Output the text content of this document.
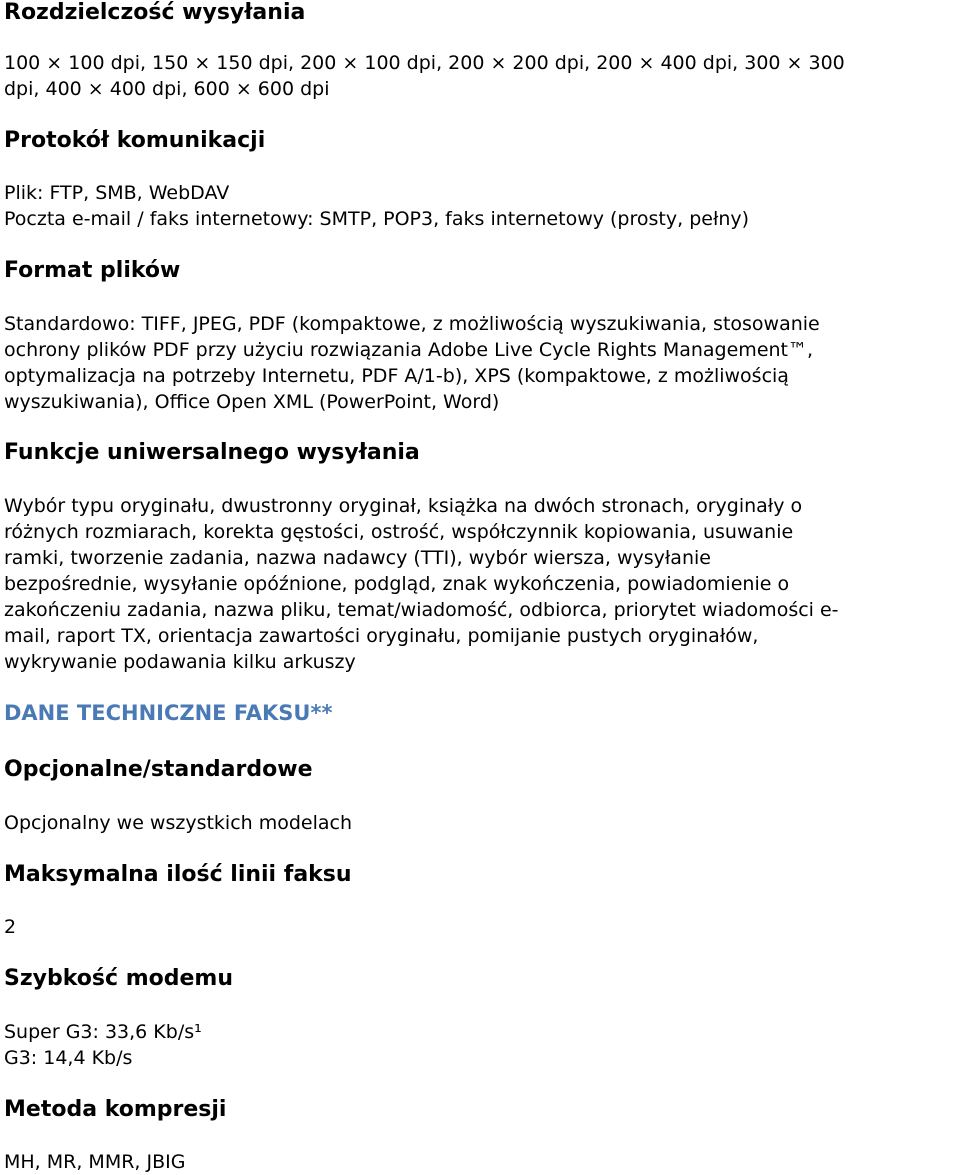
Rozdzielczość wysyłania
100 × 100 dpi, 150 × 150 dpi, 200 × 100 dpi, 200 × 200 dpi, 200 × 400 dpi, 300 × 300
dpi, 400 × 400 dpi, 600 × 600 dpi
Protokół komunikacji
Plik: FTP, SMB, WebDAV
Poczta e-mail / faks internetowy: SMTP, POP3, faks internetowy (prosty, pełny)
Format plików
Standardowo: TIFF, JPEG, PDF (kompaktowe, z możliwością wyszukiwania, stosowanie
ochrony plików PDF przy użyciu rozwiązania Adobe Live Cycle Rights Management™,
optymalizacja na potrzeby Internetu, PDF A/1-b), XPS (kompaktowe, z możliwością
wyszukiwania), Office Open XML (PowerPoint, Word)
Funkcje uniwersalnego wysyłania
Wybór typu oryginału, dwustronny oryginał, książka na dwóch stronach, oryginały o
różnych rozmiarach, korekta gęstości, ostrość, współczynnik kopiowania, usuwanie
ramki, tworzenie zadania, nazwa nadawcy (TTI), wybór wiersza, wysyłanie
bezpośrednie, wysyłanie opóźnione, podgląd, znak wykończenia, powiadomienie o
zakończeniu zadania, nazwa pliku, temat/wiadomość, odbiorca, priorytet wiadomości e-
mail, raport TX, orientacja zawartości oryginału, pomijanie pustych oryginałów,
wykrywanie podawania kilku arkuszy
DANE TECHNICZNE FAKSU**
Opcjonalne/standardowe
Opcjonalny we wszystkich modelach
Maksymalna ilość linii faksu
2
Szybkość modemu
Super G3: 33,6 Kb/s¹
G3: 14,4 Kb/s
Metoda kompresji
MH, MR, MMR, JBIG
